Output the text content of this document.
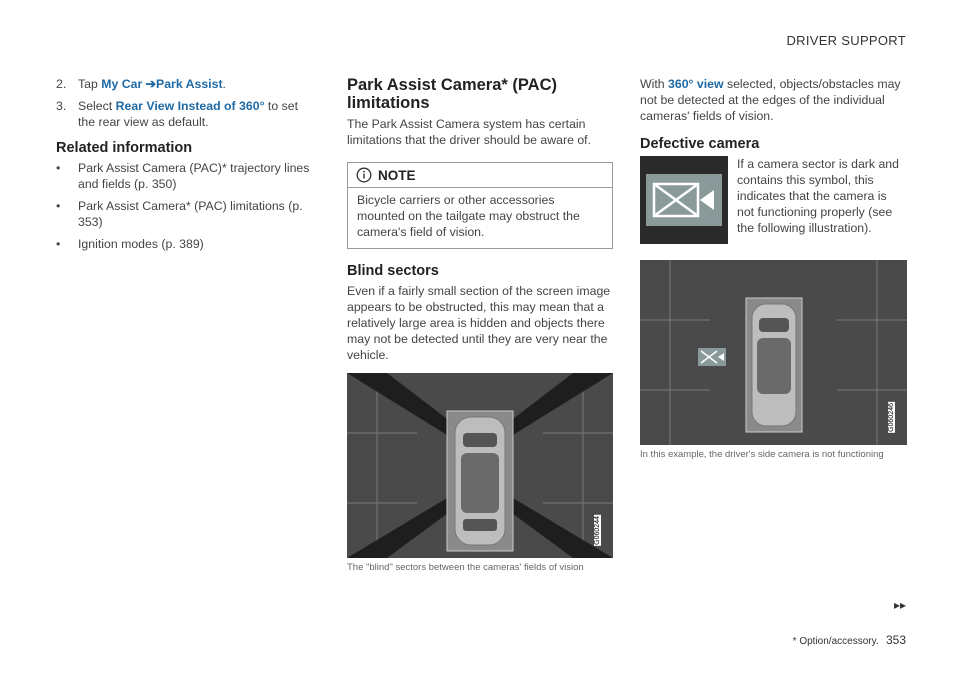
DRIVER SUPPORT
2. Tap My Car ➔Park Assist.
3. Select Rear View Instead of 360° to set the rear view as default.
Related information
•	Park Assist Camera (PAC)* trajectory lines and fields (p. 350)
•	Park Assist Camera* (PAC) limitations (p. 353)
•	Ignition modes (p. 389)
Park Assist Camera* (PAC) limitations

The Park Assist Camera system has certain limitations that the driver should be aware of.

NOTE
Bicycle carriers or other accessories mounted on the tailgate may obstruct the camera's field of vision.
Blind sectors

Even if a fairly small section of the screen image appears to be obstructed, this may mean that a relatively large area is hidden and objects there may not be detected until they are very near the vehicle.

G060244
The "blind" sectors between the cameras' fields of vision

With 360° view selected, objects/obstacles may not be detected at the edges of the individual cameras' fields of vision.

Defective camera

If a camera sector is dark and contains this symbol, this indicates that the camera is not functioning properly (see the following illustration).

G060246
In this example, the driver's side camera is not functioning
▸▸
* Option/accessory. 353
